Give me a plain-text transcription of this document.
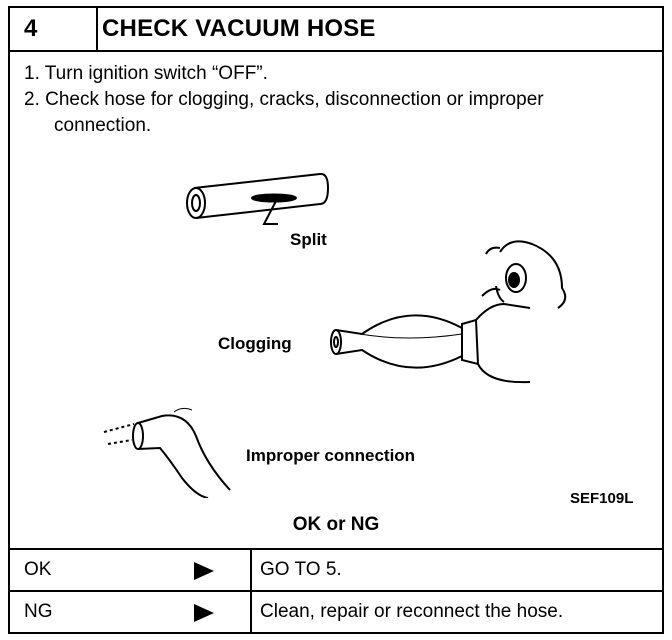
4	CHECK VACUUM HOSE
1. Turn ignition switch “OFF”.
2. Check hose for clogging, cracks, disconnection or improper
connection.
Split
Clogging
Improper connection
SEF109L
OK or NG
OK	GO TO 5.
NG	Clean, repair or reconnect the hose.
